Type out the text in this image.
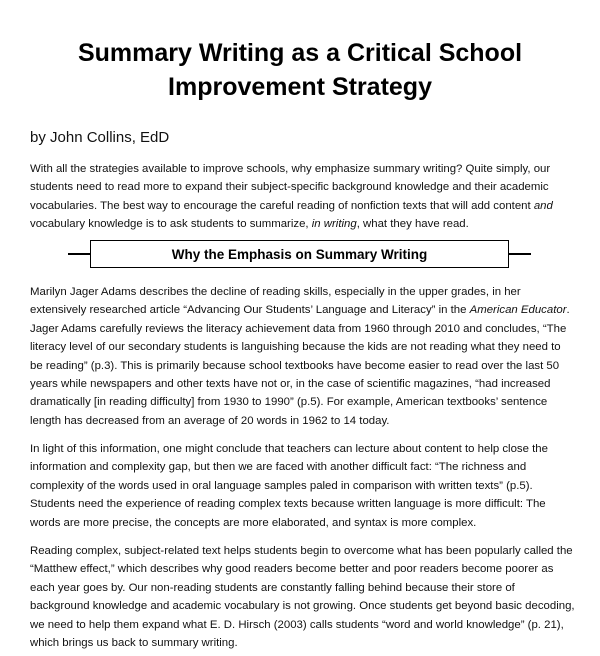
Summary Writing as a Critical School
Improvement Strategy
by John Collins, EdD

With all the strategies available to improve schools, why emphasize summary writing? Quite simply, our students need to read more to expand their subject-specific background knowledge and their academic vocabularies. The best way to encourage the careful reading of nonfiction texts that will add content and vocabulary knowledge is to ask students to summarize, in writing, what they have read.

Why the Emphasis on Summary Writing

Marilyn Jager Adams describes the decline of reading skills, especially in the upper grades, in her extensively researched article “Advancing Our Students’ Language and Literacy” in the American Educator. Jager Adams carefully reviews the literacy achievement data from 1960 through 2010 and concludes, “The literacy level of our secondary students is languishing because the kids are not reading what they need to be reading” (p.3). This is primarily because school textbooks have become easier to read over the last 50 years while newspapers and other texts have not or, in the case of scientific magazines, “had increased dramatically [in reading difficulty] from 1930 to 1990” (p.5). For example, American textbooks’ sentence length has decreased from an average of 20 words in 1962 to 14 today.

In light of this information, one might conclude that teachers can lecture about content to help close the information and complexity gap, but then we are faced with another difficult fact: “The richness and complexity of the words used in oral language samples paled in comparison with written texts” (p.5). Students need the experience of reading complex texts because written language is more difficult: The words are more precise, the concepts are more elaborated, and syntax is more complex.

Reading complex, subject-related text helps students begin to overcome what has been popularly called the “Matthew effect,” which describes why good readers become better and poor readers become poorer as each year goes by. Our non-reading students are constantly falling behind because their store of background knowledge and academic vocabulary is not growing. Once students get beyond basic decoding, we need to help them expand what E. D. Hirsch (2003) calls students “word and world knowledge” (p. 21), which brings us back to summary writing.
